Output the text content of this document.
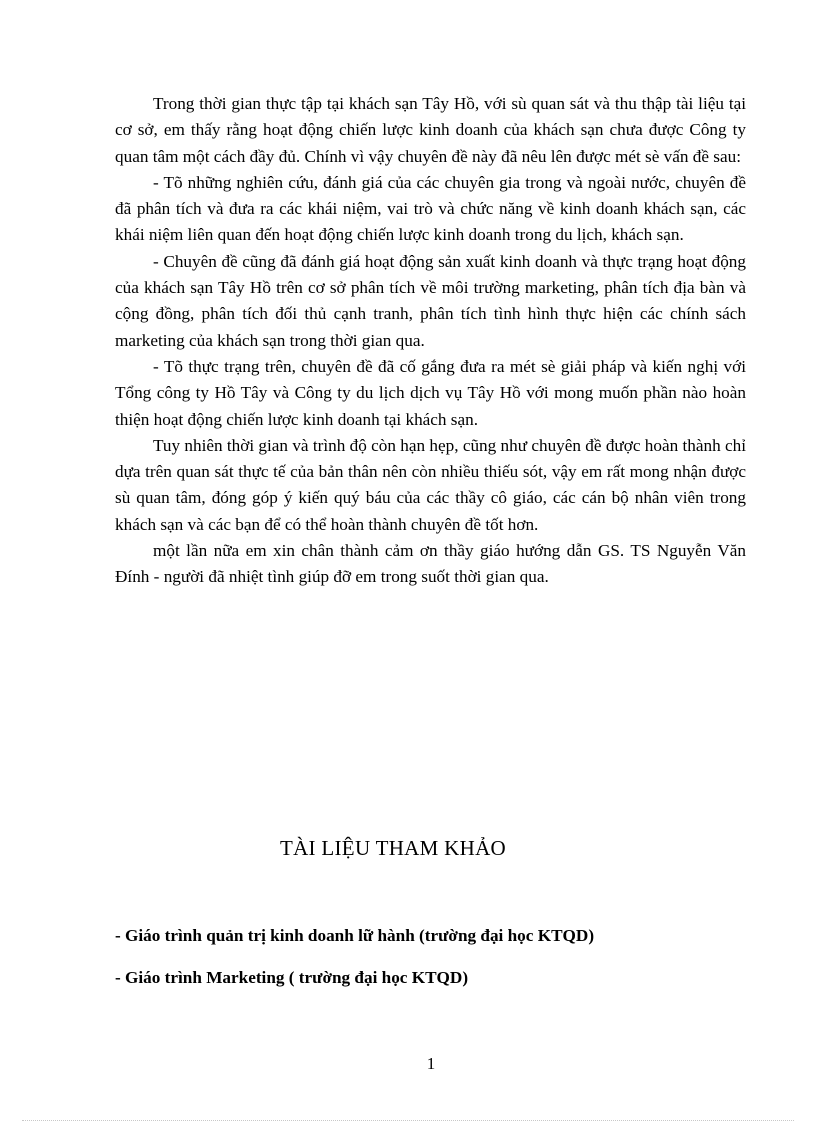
Trong thời gian thực tập tại khách sạn Tây Hồ, với sù quan sát và thu thập tài liệu tại cơ sở, em thấy rằng hoạt động chiến lược kinh doanh của khách sạn chưa được Công ty quan tâm một cách đầy đủ. Chính vì vậy chuyên đề này đã nêu lên được mét sè vấn đề sau:

- Tõ những nghiên cứu, đánh giá của các chuyên gia trong và ngoài nước, chuyên đề đã phân tích và đưa ra các khái niệm, vai trò và chức năng về kinh doanh khách sạn, các khái niệm liên quan đến hoạt động chiến lược kinh doanh trong du lịch, khách sạn.

- Chuyên đề cũng đã đánh giá hoạt động sản xuất kinh doanh và thực trạng hoạt động của khách sạn Tây Hồ trên cơ sở phân tích về môi trường marketing, phân tích địa bàn và cộng đồng, phân tích đối thủ cạnh tranh, phân tích tình hình thực hiện các chính sách marketing của khách sạn trong thời gian qua.

- Tõ thực trạng trên, chuyên đề đã cố gắng đưa ra mét sè giải pháp và kiến nghị với Tổng công ty Hồ Tây và Công ty du lịch dịch vụ Tây Hồ với mong muốn phần nào hoàn thiện hoạt động chiến lược kinh doanh tại khách sạn.

Tuy nhiên thời gian và trình độ còn hạn hẹp, cũng như chuyên đề được hoàn thành chỉ dựa trên quan sát thực tế của bản thân nên còn nhiều thiếu sót, vậy em rất mong nhận được sù quan tâm, đóng góp ý kiến quý báu của các thầy cô giáo, các cán bộ nhân viên trong khách sạn và các bạn để có thể hoàn thành chuyên đề tốt hơn.

một lần nữa em xin chân thành cảm ơn thầy giáo hướng dẫn GS. TS Nguyễn Văn Đính - người đã nhiệt tình giúp đỡ em trong suốt thời gian qua.

TÀI LIỆU THAM KHẢO

- Giáo trình quản trị kinh doanh lữ hành (trường đại học KTQD)

- Giáo trình Marketing ( trường đại học KTQD)

1
